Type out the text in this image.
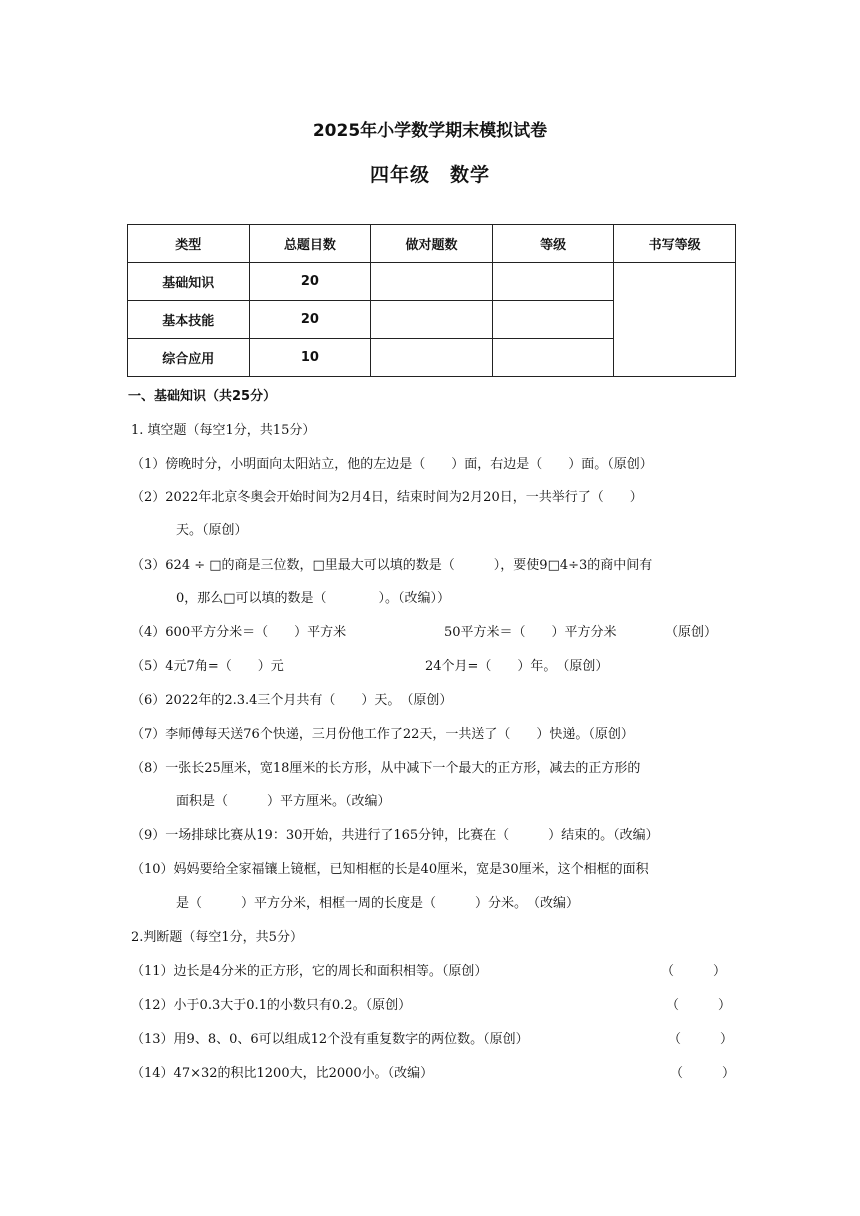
2025年小学数学期末模拟试卷
四年级　数学
类型	总题目数	做对题数	等级	书写等级
基础知识	20			
基本技能	20			
综合应用	10			
一、基础知识（共25分）
1. 填空题（每空1分，共15分）
（1）傍晚时分，小明面向太阳站立，他的左边是（　　）面，右边是（　　）面。（原创）
（2）2022年北京冬奥会开始时间为2月4日，结束时间为2月20日，一共举行了（　　）
天。（原创）
（3）624 ÷ □的商是三位数，□里最大可以填的数是（　　　），要使9□4÷3的商中间有
0，那么□可以填的数是（　　　　）。（改编））
（4）600平方分米＝（　　）平方米	50平方米＝（　　）平方分米	（原创）
（5）4元7角=（　　）元	24个月=（　　）年。　（原创）
（6）2022年的2.3.4三个月共有（　　）天。　（原创）
（7）李师傅每天送76个快递，三月份他工作了22天，一共送了（　　）快递。（原创）
（8）一张长25厘米，宽18厘米的长方形，从中减下一个最大的正方形，减去的正方形的
面积是（　　　）平方厘米。（改编）
（9）一场排球比赛从19：30开始，共进行了165分钟，比赛在（　　　）结束的。（改编）
（10）妈妈要给全家福镶上镜框，已知相框的长是40厘米，宽是30厘米，这个相框的面积
是（　　　）平方分米，相框一周的长度是（　　　）分米。　（改编）
2.判断题（每空1分，共5分）
（11）边长是4分米的正方形，它的周长和面积相等。（原创）	（　　　）
（12）小于0.3大于0.1的小数只有0.2。（原创）	（　　　）
（13）用9、8、0、6可以组成12个没有重复数字的两位数。（原创）	（　　　）
（14）47×32的积比1200大，比2000小。（改编）	（　　　）
